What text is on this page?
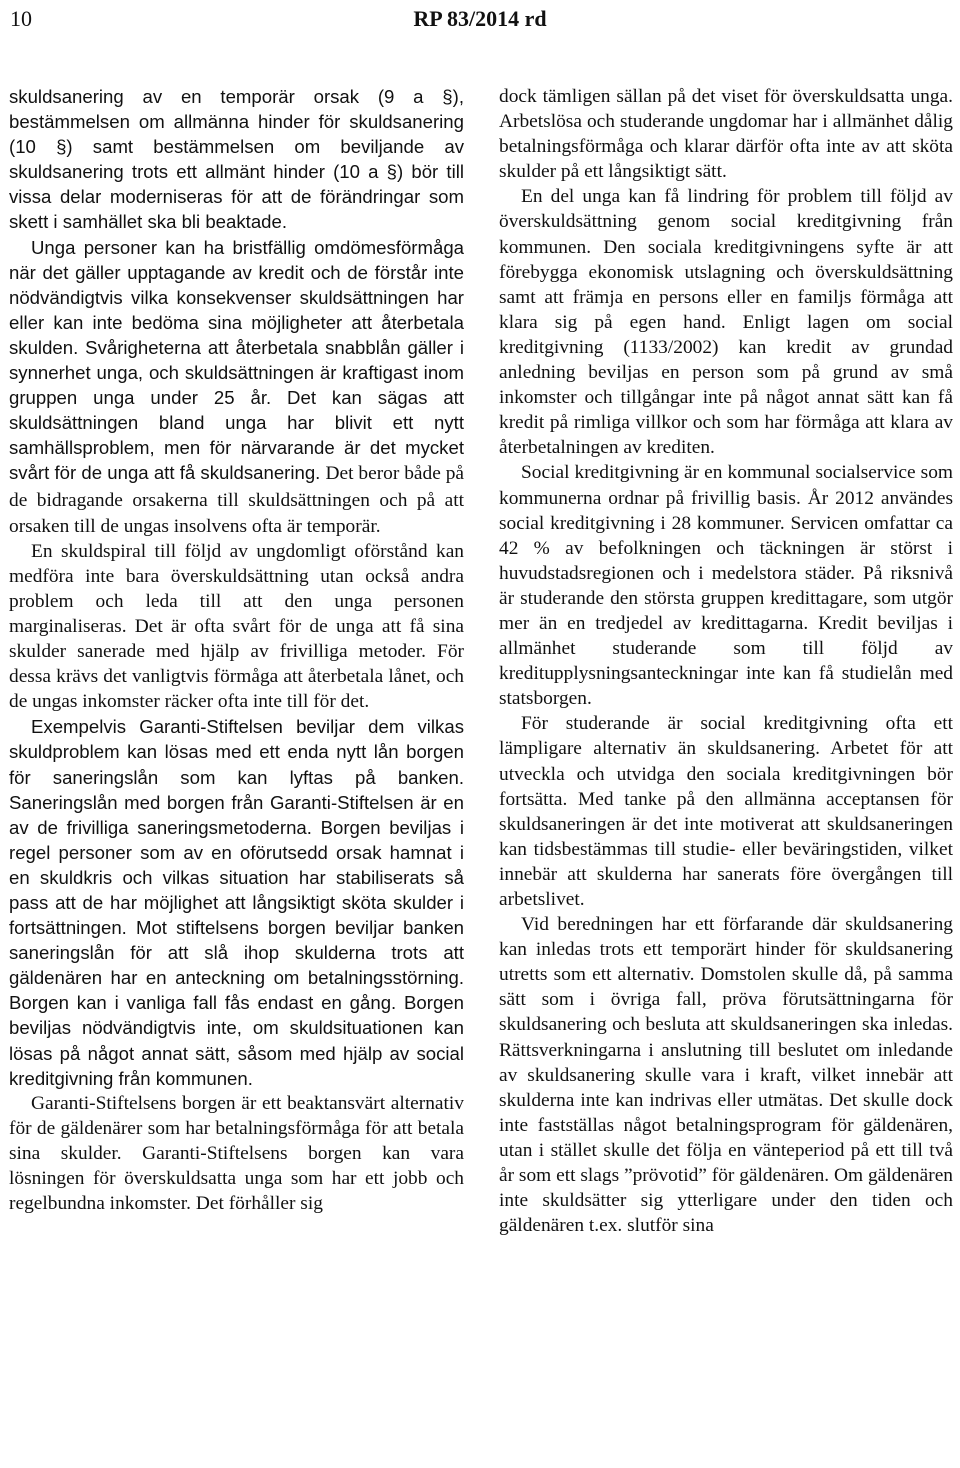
10	RP 83/2014 rd

skuldsanering av en temporär orsak (9 a §), bestämmelsen om allmänna hinder för skuldsanering (10 §) samt bestämmelsen om beviljande av skuldsanering trots ett allmänt hinder (10 a §) bör till vissa delar moderniseras för att de förändringar som skett i samhället ska bli beaktade.

Unga personer kan ha bristfällig omdömesförmåga när det gäller upptagande av kredit och de förstår inte nödvändigtvis vilka konsekvenser skuldsättningen har eller kan inte bedöma sina möjligheter att återbetala skulden. Svårigheterna att återbetala snabblån gäller i synnerhet unga, och skuldsättningen är kraftigast inom gruppen unga under 25 år. Det kan sägas att skuldsättningen bland unga har blivit ett nytt samhällsproblem, men för närvarande är det mycket svårt för de unga att få skuldsanering. Det beror både på de bidragande orsakerna till skuldsättningen och på att orsaken till de ungas insolvens ofta är temporär.

En skuldspiral till följd av ungdomligt oförstånd kan medföra inte bara överskuldsättning utan också andra problem och leda till att den unga personen marginaliseras. Det är ofta svårt för de unga att få sina skulder sanerade med hjälp av frivilliga metoder. För dessa krävs det vanligtvis förmåga att återbetala lånet, och de ungas inkomster räcker ofta inte till för det.

Exempelvis Garanti-Stiftelsen beviljar dem vilkas skuldproblem kan lösas med ett enda nytt lån borgen för saneringslån som kan lyftas på banken. Saneringslån med borgen från Garanti-Stiftelsen är en av de frivilliga saneringsmetoderna. Borgen beviljas i regel personer som av en oförutsedd orsak hamnat i en skuldkris och vilkas situation har stabiliserats så pass att de har möjlighet att långsiktigt sköta skulder i fortsättningen. Mot stiftelsens borgen beviljar banken saneringslån för att slå ihop skulderna trots att gäldenären har en anteckning om betalningsstörning. Borgen kan i vanliga fall fås endast en gång. Borgen beviljas nödvändigtvis inte, om skuldsituationen kan lösas på något annat sätt, såsom med hjälp av social kreditgivning från kommunen.

Garanti-Stiftelsens borgen är ett beaktansvärt alternativ för de gäldenärer som har betalningsförmåga för att betala sina skulder. Garanti-Stiftelsens borgen kan vara lösningen för överskuldsatta unga som har ett jobb och regelbundna inkomster. Det förhåller sig

dock tämligen sällan på det viset för överskuldsatta unga. Arbetslösa och studerande ungdomar har i allmänhet dålig betalningsförmåga och klarar därför ofta inte av att sköta skulder på ett långsiktigt sätt.

En del unga kan få lindring för problem till följd av överskuldsättning genom social kreditgivning från kommunen. Den sociala kreditgivningens syfte är att förebygga ekonomisk utslagning och överskuldsättning samt att främja en persons eller en familjs förmåga att klara sig på egen hand. Enligt lagen om social kreditgivning (1133/2002) kan kredit av grundad anledning beviljas en person som på grund av små inkomster och tillgångar inte på något annat sätt kan få kredit på rimliga villkor och som har förmåga att klara av återbetalningen av krediten.

Social kreditgivning är en kommunal socialservice som kommunerna ordnar på frivillig basis. År 2012 användes social kreditgivning i 28 kommuner. Servicen omfattar ca 42 % av befolkningen och täckningen är störst i huvudstadsregionen och i medelstora städer. På riksnivå är studerande den största gruppen kredittagare, som utgör mer än en tredjedel av kredittagarna. Kredit beviljas i allmänhet studerande som till följd av kreditupplysningsanteckningar inte kan få studielån med statsborgen.

För studerande är social kreditgivning ofta ett lämpligare alternativ än skuldsanering. Arbetet för att utveckla och utvidga den sociala kreditgivningen bör fortsätta. Med tanke på den allmänna acceptansen för skuldsaneringen är det inte motiverat att skuldsaneringen kan tidsbestämmas till studie- eller beväringstiden, vilket innebär att skulderna har sanerats före övergången till arbetslivet.

Vid beredningen har ett förfarande där skuldsanering kan inledas trots ett temporärt hinder för skuldsanering utretts som ett alternativ. Domstolen skulle då, på samma sätt som i övriga fall, pröva förutsättningarna för skuldsanering och besluta att skuldsaneringen ska inledas. Rättsverkningarna i anslutning till beslutet om inledande av skuldsanering skulle vara i kraft, vilket innebär att skulderna inte kan indrivas eller utmätas. Det skulle dock inte fastställas något betalningsprogram för gäldenären, utan i stället skulle det följa en vänteperiod på ett till två år som ett slags ”prövotid” för gäldenären. Om gäldenären inte skuldsätter sig ytterligare under den tiden och gäldenären t.ex. slutför sina
